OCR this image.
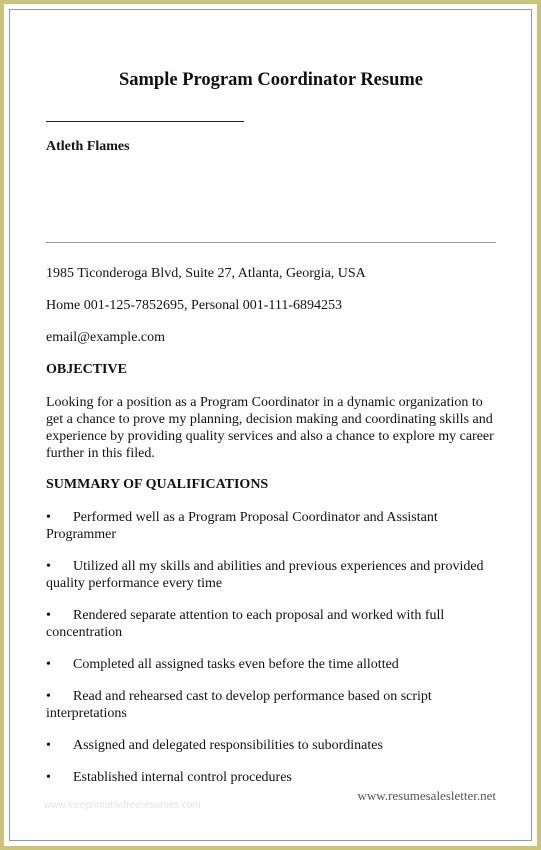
Sample Program Coordinator Resume
Atleth Flames
1985 Ticonderoga Blvd, Suite 27, Atlanta, Georgia, USA
Home 001-125-7852695, Personal 001-111-6894253
email@example.com
OBJECTIVE
Looking for a position as a Program Coordinator in a dynamic organization to get a chance to prove my planning, decision making and coordinating skills and experience by providing quality services and also a chance to explore my career further in this filed.
SUMMARY OF QUALIFICATIONS
• Performed well as a Program Proposal Coordinator and Assistant Programmer
• Utilized all my skills and abilities and previous experiences and provided quality performance every time
• Rendered separate attention to each proposal and worked with full concentration
• Completed all assigned tasks even before the time allotted
• Read and rehearsed cast to develop performance based on script interpretations
• Assigned and delegated responsibilities to subordinates
• Established internal control procedures
www.freeprintablefreeresumes.com
www.resumesalesletter.net
